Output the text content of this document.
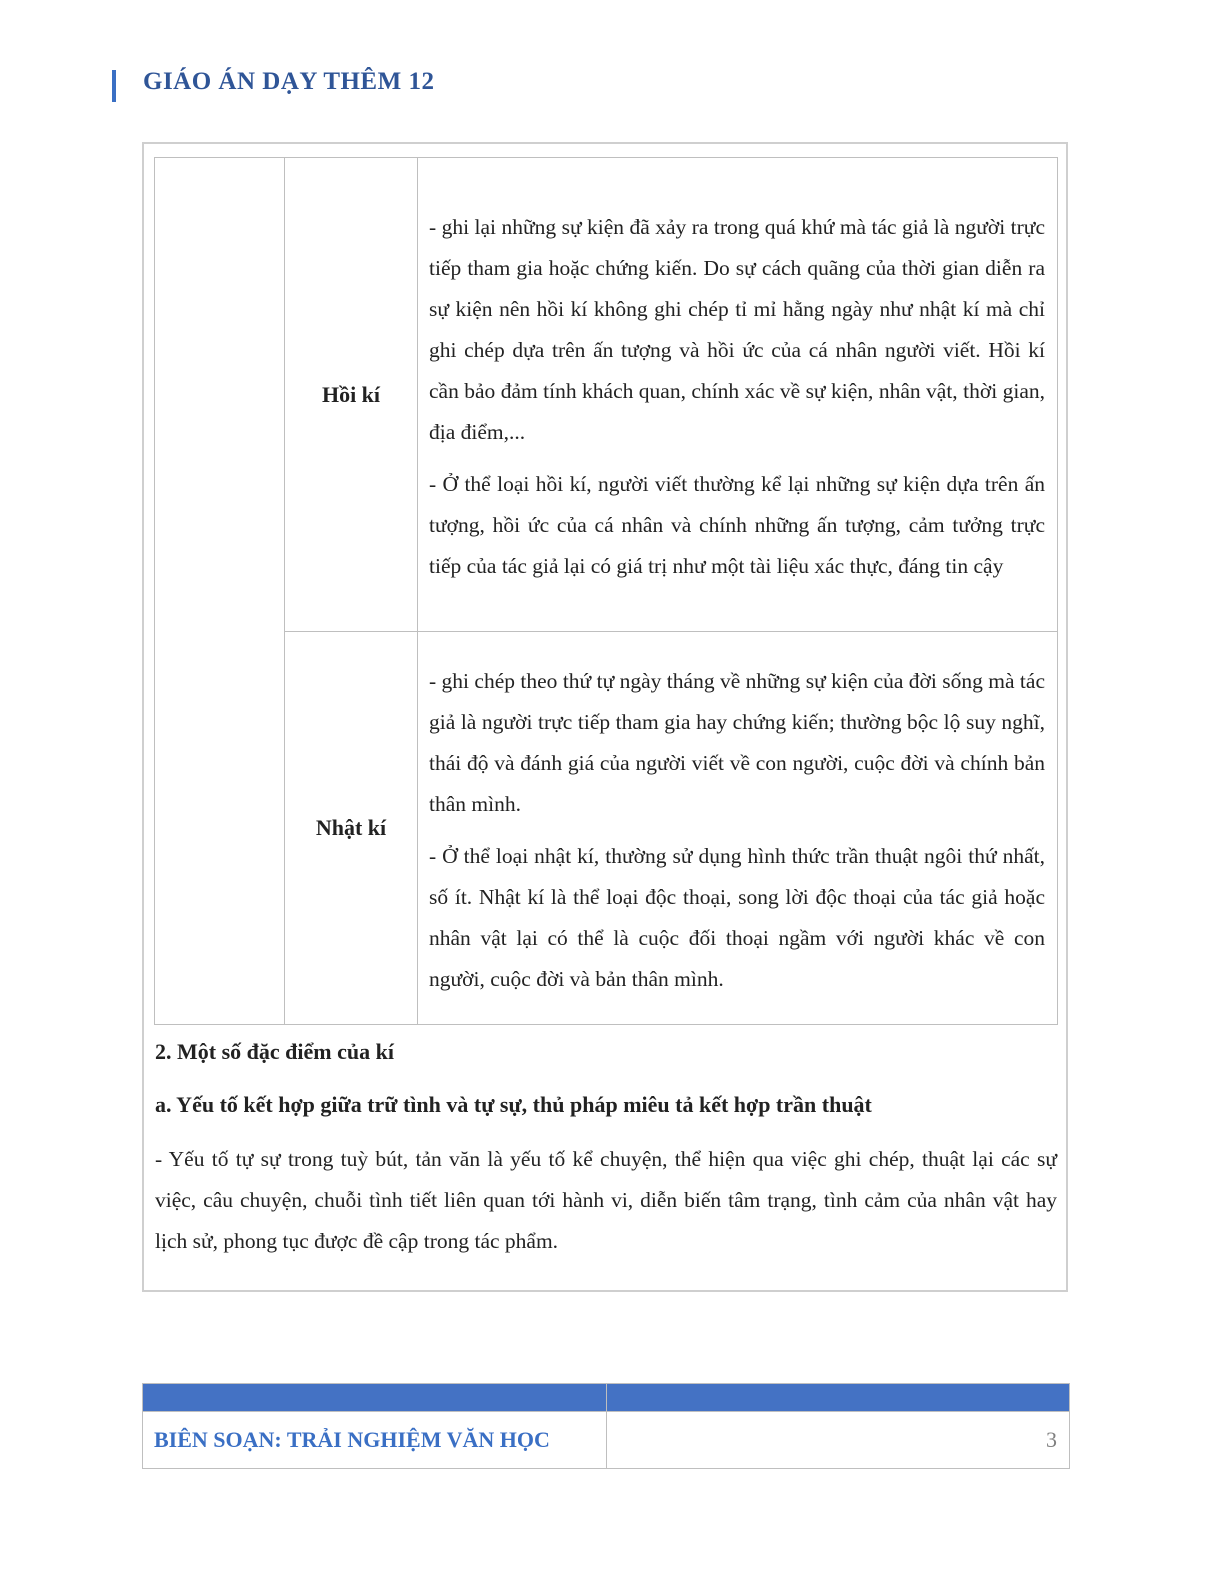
GIÁO ÁN DẠY THÊM 12
	Hồi kí	- ghi lại những sự kiện đã xảy ra trong quá khứ mà tác giả là người trực tiếp tham gia hoặc chứng kiến. Do sự cách quãng của thời gian diễn ra sự kiện nên hồi kí không ghi chép tỉ mỉ hằng ngày như nhật kí mà chỉ ghi chép dựa trên ấn tượng và hồi ức của cá nhân người viết. Hồi kí cần bảo đảm tính khách quan, chính xác về sự kiện, nhân vật, thời gian, địa điểm,...

- Ở thể loại hồi kí, người viết thường kể lại những sự kiện dựa trên ấn tượng, hồi ức của cá nhân và chính những ấn tượng, cảm tưởng trực tiếp của tác giả lại có giá trị như một tài liệu xác thực, đáng tin cậy

	Nhật kí	- ghi chép theo thứ tự ngày tháng về những sự kiện của đời sống mà tác giả là người trực tiếp tham gia hay chứng kiến; thường bộc lộ suy nghĩ, thái độ và đánh giá của người viết về con người, cuộc đời và chính bản thân mình.

- Ở thể loại nhật kí, thường sử dụng hình thức trần thuật ngôi thứ nhất, số ít. Nhật kí là thể loại độc thoại, song lời độc thoại của tác giả hoặc nhân vật lại có thể là cuộc đối thoại ngầm với người khác về con người, cuộc đời và bản thân mình.

2. Một số đặc điểm của kí
a. Yếu tố kết hợp giữa trữ tình và tự sự, thủ pháp miêu tả kết hợp trần thuật
- Yếu tố tự sự trong tuỳ bút, tản văn là yếu tố kể chuyện, thể hiện qua việc ghi chép, thuật lại các sự việc, câu chuyện, chuỗi tình tiết liên quan tới hành vi, diễn biến tâm trạng, tình cảm của nhân vật hay lịch sử, phong tục được đề cập trong tác phẩm.

BIÊN SOẠN: TRẢI NGHIỆM VĂN HỌC	3
